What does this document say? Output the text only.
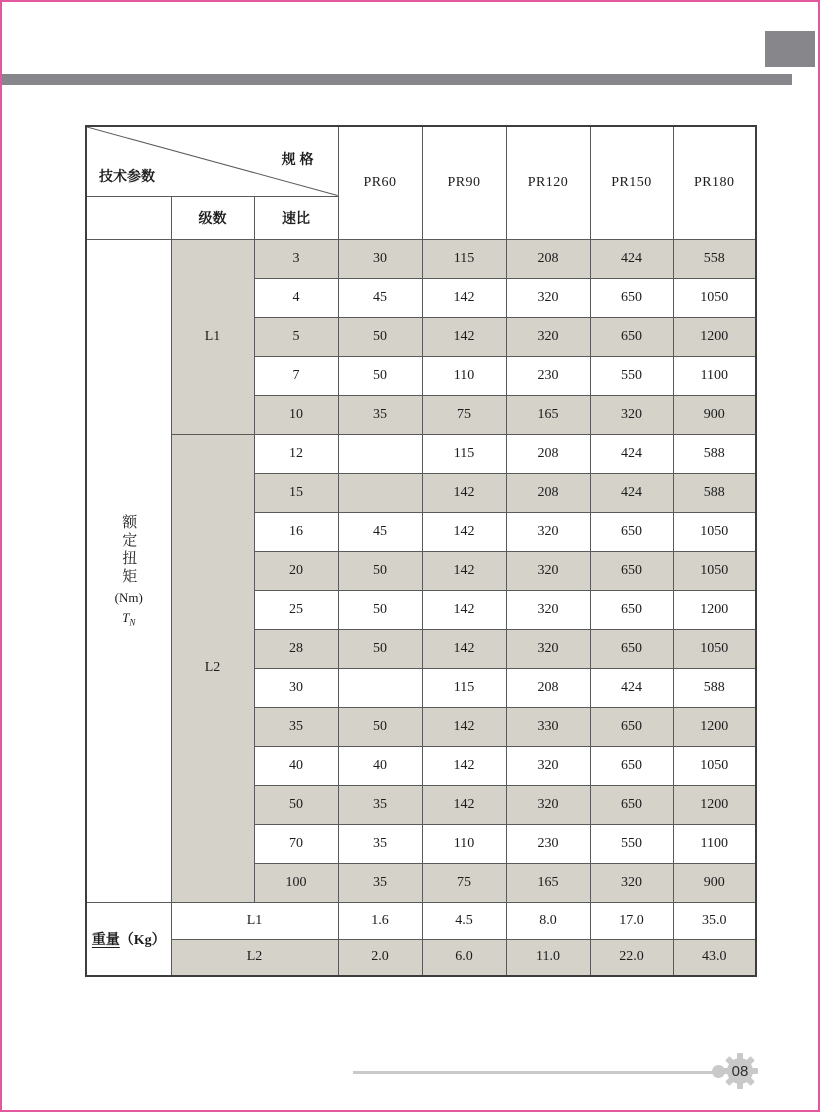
规 格
技术参数			PR60	PR90	PR120	PR150	PR180
	级数	速比					

额定扭矩
(Nm)
$T_N$	L1	3	30	115	208	424	558
		4	45	142	320	650	1050
		5	50	142	320	650	1200
		7	50	110	230	550	1100
		10	35	75	165	320	900
	L2	12		115	208	424	588
		15		142	208	424	588
		16	45	142	320	650	1050
		20	50	142	320	650	1050
		25	50	142	320	650	1200
		28	50	142	320	650	1050
		30		115	208	424	588
		35	50	142	330	650	1200
		40	40	142	320	650	1050
		50	35	142	320	650	1200
		70	35	110	230	550	1100
		100	35	75	165	320	900
重量（Kg）	L1		1.6	4.5	8.0	17.0	35.0
	L2		2.0	6.0	11.0	22.0	43.0
08
